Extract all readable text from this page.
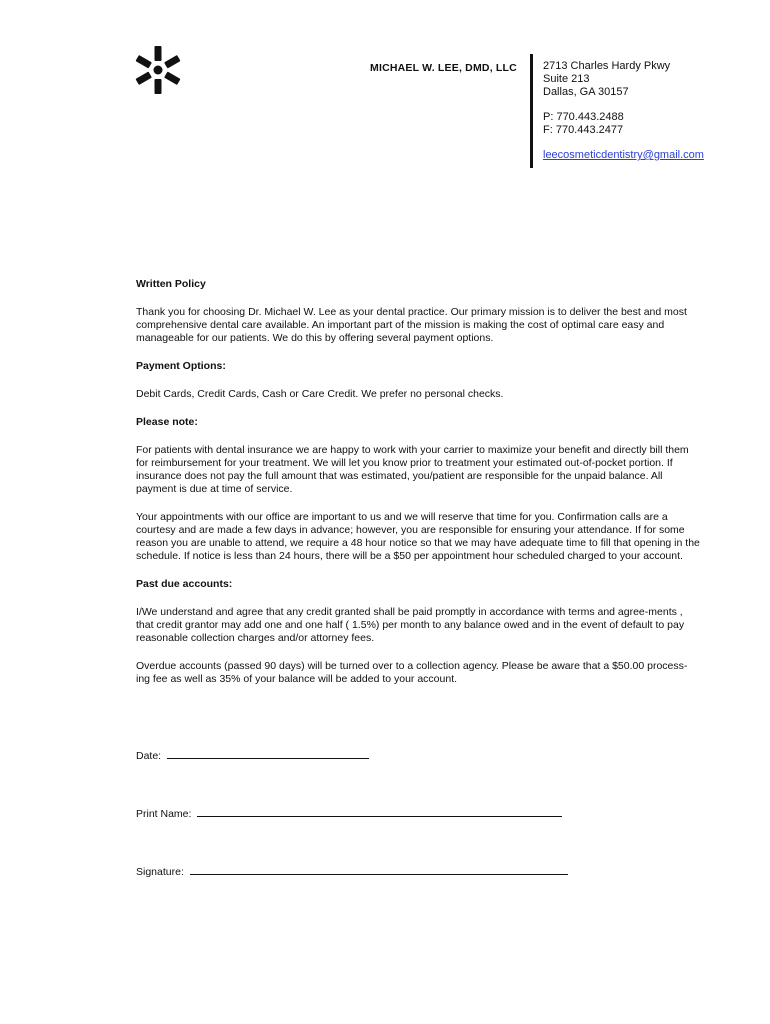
MICHAEL W. LEE, DMD, LLC 2713 Charles Hardy Pkwy
Suite 213
Dallas, GA 30157
P: 770.443.2488
F: 770.443.2477
leecosmeticdentistry@gmail.com
Written Policy

Thank you for choosing Dr. Michael W. Lee as your dental practice. Our primary mission is to deliver the best and most comprehensive dental care available. An important part of the mission is making the cost of optimal care easy and manageable for our patients. We do this by offering several payment options.

Payment Options:

Debit Cards, Credit Cards, Cash or Care Credit. We prefer no personal checks.

Please note:

For patients with dental insurance we are happy to work with your carrier to maximize your benefit and directly bill them for reimbursement for your treatment. We will let you know prior to treatment your estimated out-of-pocket portion. If insurance does not pay the full amount that was estimated, you/patient are responsible for the unpaid balance. All payment is due at time of service.

Your appointments with our office are important to us and we will reserve that time for you. Confirmation calls are a courtesy and are made a few days in advance; however, you are responsible for ensuring your attendance. If for some reason you are unable to attend, we require a 48 hour notice so that we may have adequate time to fill that opening in the schedule. If notice is less than 24 hours, there will be a $50 per appointment hour scheduled charged to your account.

Past due accounts:

I/We understand and agree that any credit granted shall be paid promptly in accordance with terms and agree-ments , that credit grantor may add one and one half ( 1.5%) per month to any balance owed and in the event of default to pay reasonable collection charges and/or attorney fees.

Overdue accounts (passed 90 days) will be turned over to a collection agency. Please be aware that a $50.00 process- ing fee as well as 35% of your balance will be added to your account.

Date:
Print Name:
Signature:
